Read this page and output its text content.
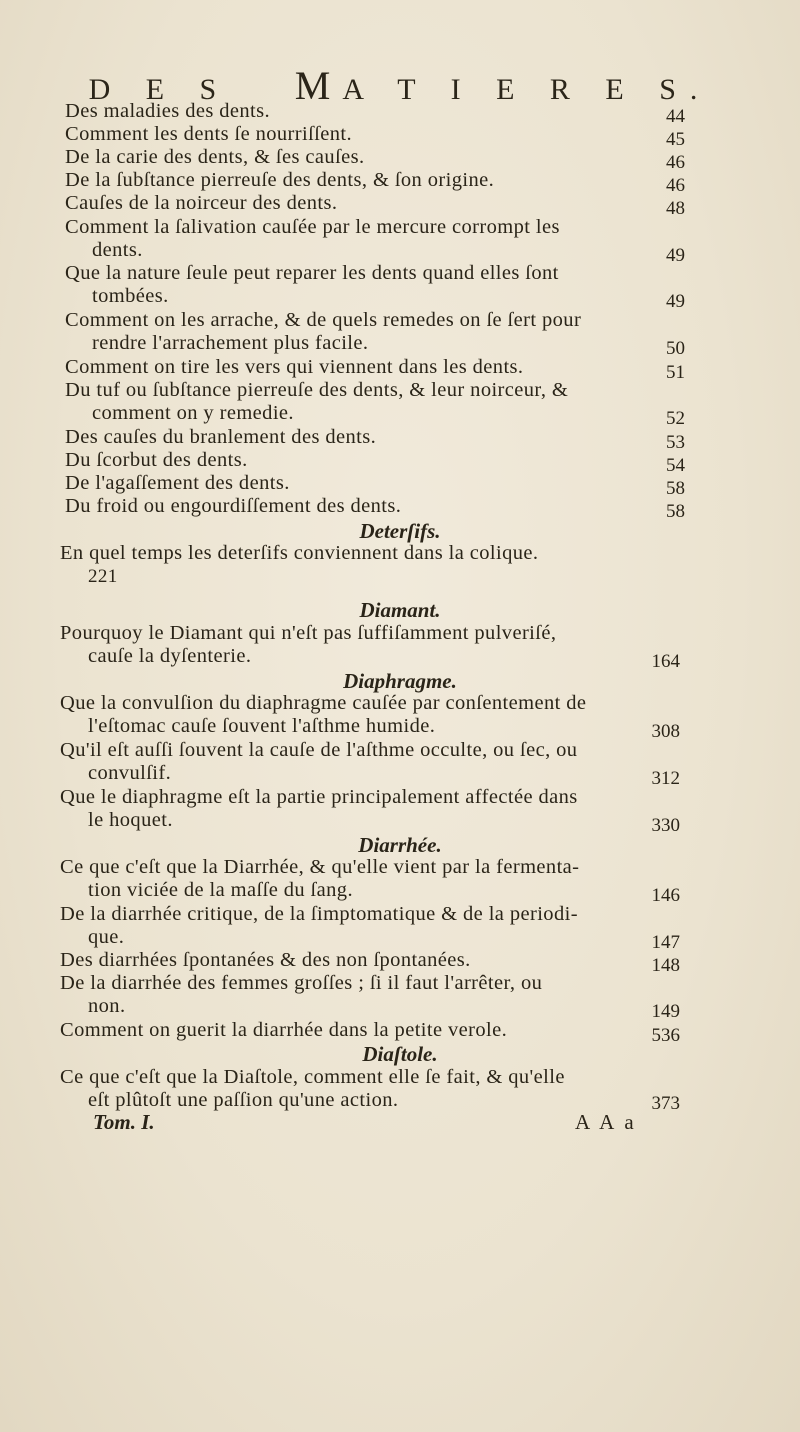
D E S MA T I E R E S.
Des maladies des dents.	44
Comment les dents ſe nourriſſent.	45
De la carie des dents, & ſes cauſes.	46
De la ſubſtance pierreuſe des dents, & ſon origine.	46
Cauſes de la noirceur des dents.	48
Comment la ſalivation cauſée par le mercure corrompt les
dents.	49
Que la nature ſeule peut reparer les dents quand elles ſont
tombées.	49
Comment on les arrache, & de quels remedes on ſe ſert pour
rendre l'arrachement plus facile.	50
Comment on tire les vers qui viennent dans les dents.	51
Du tuf ou ſubſtance pierreuſe des dents, & leur noirceur, &
comment on y remedie.	52
Des cauſes du branlement des dents.	53
Du ſcorbut des dents.	54
De l'agaſſement des dents.	58
Du froid ou engourdiſſement des dents.	58
Deterſifs.
En quel temps les deterſifs conviennent dans la colique.
221
Diamant.
Pourquoy le Diamant qui n'eſt pas ſuffiſamment pulveriſé,
cauſe la dyſenterie.	164
Diaphragme.
Que la convulſion du diaphragme cauſée par conſentement de
l'eſtomac cauſe ſouvent l'aſthme humide.	308
Qu'il eſt auſſi ſouvent la cauſe de l'aſthme occulte, ou ſec, ou
convulſif.	312
Que le diaphragme eſt la partie principalement affectée dans
le hoquet.	330
Diarrhée.
Ce que c'eſt que la Diarrhée, & qu'elle vient par la fermenta-
tion viciée de la maſſe du ſang.	146
De la diarrhée critique, de la ſimptomatique & de la periodi-
que.	147
Des diarrhées ſpontanées & des non ſpontanées.	148
De la diarrhée des femmes groſſes ; ſi il faut l'arrêter, ou
non.	149
Comment on guerit la diarrhée dans la petite verole.	536
Diaſtole.
Ce que c'eſt que la Diaſtole, comment elle ſe fait, & qu'elle
eſt plûtoſt une paſſion qu'une action.	373
Tom. I.	A A a
